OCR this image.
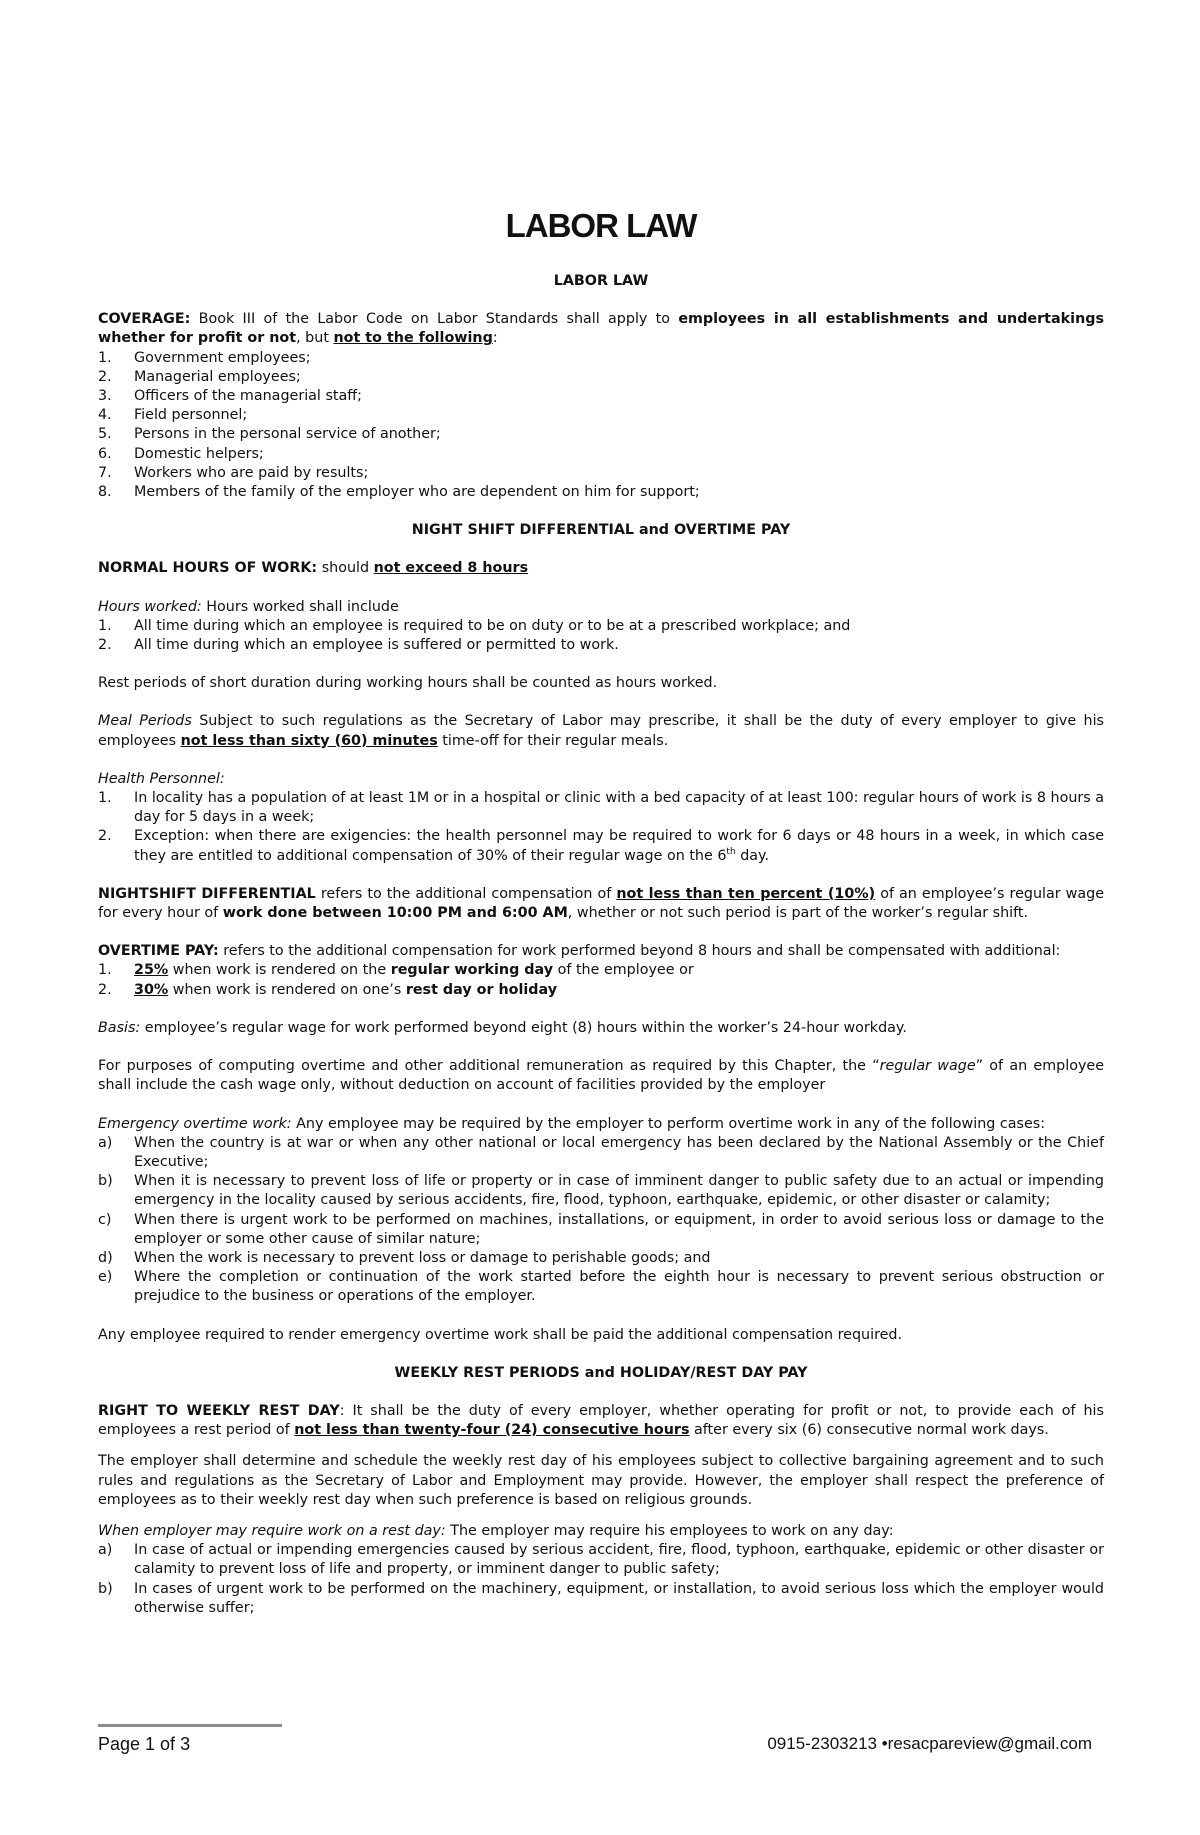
LABOR LAW

LABOR LAW

COVERAGE: Book III of the Labor Code on Labor Standards shall apply to employees in all establishments and undertakings whether for profit or not, but not to the following:

1.	Government employees;
2.	Managerial employees;
3.	Officers of the managerial staff;
4.	Field personnel;
5.	Persons in the personal service of another;
6.	Domestic helpers;
7.	Workers who are paid by results;
8.	Members of the family of the employer who are dependent on him for support;

NIGHT SHIFT DIFFERENTIAL and OVERTIME PAY

NORMAL HOURS OF WORK: should not exceed 8 hours

Hours worked: Hours worked shall include

1.	All time during which an employee is required to be on duty or to be at a prescribed workplace; and
2.	All time during which an employee is suffered or permitted to work.

Rest periods of short duration during working hours shall be counted as hours worked.

Meal Periods Subject to such regulations as the Secretary of Labor may prescribe, it shall be the duty of every employer to give his employees not less than sixty (60) minutes time-off for their regular meals.

Health Personnel:

1.	In locality has a population of at least 1M or in a hospital or clinic with a bed capacity of at least 100: regular hours of work is 8 hours a day for 5 days in a week;
2.	Exception: when there are exigencies: the health personnel may be required to work for 6 days or 48 hours in a week, in which case they are entitled to additional compensation of 30% of their regular wage on the 6th day.

NIGHTSHIFT DIFFERENTIAL refers to the additional compensation of not less than ten percent (10%) of an employee’s regular wage for every hour of work done between 10:00 PM and 6:00 AM, whether or not such period is part of the worker’s regular shift.

OVERTIME PAY: refers to the additional compensation for work performed beyond 8 hours and shall be compensated with additional:

1.	25% when work is rendered on the regular working day of the employee or
2.	30% when work is rendered on one’s rest day or holiday

Basis: employee’s regular wage for work performed beyond eight (8) hours within the worker’s 24-hour workday.

For purposes of computing overtime and other additional remuneration as required by this Chapter, the “regular wage” of an employee shall include the cash wage only, without deduction on account of facilities provided by the employer

Emergency overtime work: Any employee may be required by the employer to perform overtime work in any of the following cases:

a)	When the country is at war or when any other national or local emergency has been declared by the National Assembly or the Chief Executive;
b)	When it is necessary to prevent loss of life or property or in case of imminent danger to public safety due to an actual or impending emergency in the locality caused by serious accidents, fire, flood, typhoon, earthquake, epidemic, or other disaster or calamity;
c)	When there is urgent work to be performed on machines, installations, or equipment, in order to avoid serious loss or damage to the employer or some other cause of similar nature;
d)	When the work is necessary to prevent loss or damage to perishable goods; and
e)	Where the completion or continuation of the work started before the eighth hour is necessary to prevent serious obstruction or prejudice to the business or operations of the employer.

Any employee required to render emergency overtime work shall be paid the additional compensation required.

WEEKLY REST PERIODS and HOLIDAY/REST DAY PAY

RIGHT TO WEEKLY REST DAY: It shall be the duty of every employer, whether operating for profit or not, to provide each of his employees a rest period of not less than twenty-four (24) consecutive hours after every six (6) consecutive normal work days.

The employer shall determine and schedule the weekly rest day of his employees subject to collective bargaining agreement and to such rules and regulations as the Secretary of Labor and Employment may provide. However, the employer shall respect the preference of employees as to their weekly rest day when such preference is based on religious grounds.

When employer may require work on a rest day: The employer may require his employees to work on any day:

a)	In case of actual or impending emergencies caused by serious accident, fire, flood, typhoon, earthquake, epidemic or other disaster or calamity to prevent loss of life and property, or imminent danger to public safety;
b)	In cases of urgent work to be performed on the machinery, equipment, or installation, to avoid serious loss which the employer would otherwise suffer;
Page 1 of 3	0915-2303213 •resacpareview@gmail.com
